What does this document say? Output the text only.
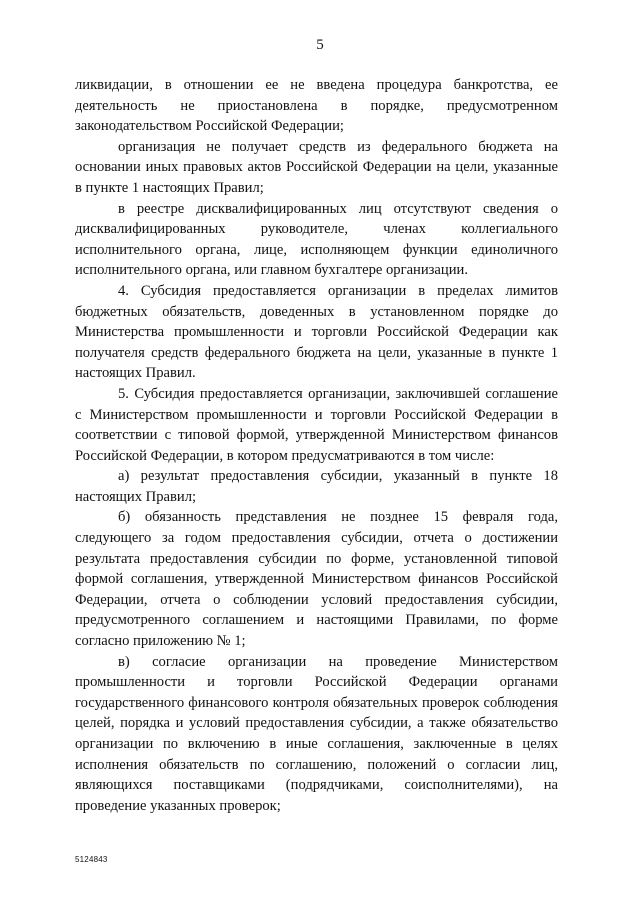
5

ликвидации, в отношении ее не введена процедура банкротства, ее деятельность не приостановлена в порядке, предусмотренном законодательством Российской Федерации;

организация не получает средств из федерального бюджета на основании иных правовых актов Российской Федерации на цели, указанные в пункте 1 настоящих Правил;

в реестре дисквалифицированных лиц отсутствуют сведения о дисквалифицированных руководителе, членах коллегиального исполнительного органа, лице, исполняющем функции единоличного исполнительного органа, или главном бухгалтере организации.

4. Субсидия предоставляется организации в пределах лимитов бюджетных обязательств, доведенных в установленном порядке до Министерства промышленности и торговли Российской Федерации как получателя средств федерального бюджета на цели, указанные в пункте 1 настоящих Правил.

5. Субсидия предоставляется организации, заключившей соглашение с Министерством промышленности и торговли Российской Федерации в соответствии с типовой формой, утвержденной Министерством финансов Российской Федерации, в котором предусматриваются в том числе:

а) результат предоставления субсидии, указанный в пункте 18 настоящих Правил;

б) обязанность представления не позднее 15 февраля года, следующего за годом предоставления субсидии, отчета о достижении результата предоставления субсидии по форме, установленной типовой формой соглашения, утвержденной Министерством финансов Российской Федерации, отчета о соблюдении условий предоставления субсидии, предусмотренного соглашением и настоящими Правилами, по форме согласно приложению № 1;

в) согласие организации на проведение Министерством промышленности и торговли Российской Федерации органами государственного финансового контроля обязательных проверок соблюдения целей, порядка и условий предоставления субсидии, а также обязательство организации по включению в иные соглашения, заключенные в целях исполнения обязательств по соглашению, положений о согласии лиц, являющихся поставщиками (подрядчиками, соисполнителями), на проведение указанных проверок;

5124843
